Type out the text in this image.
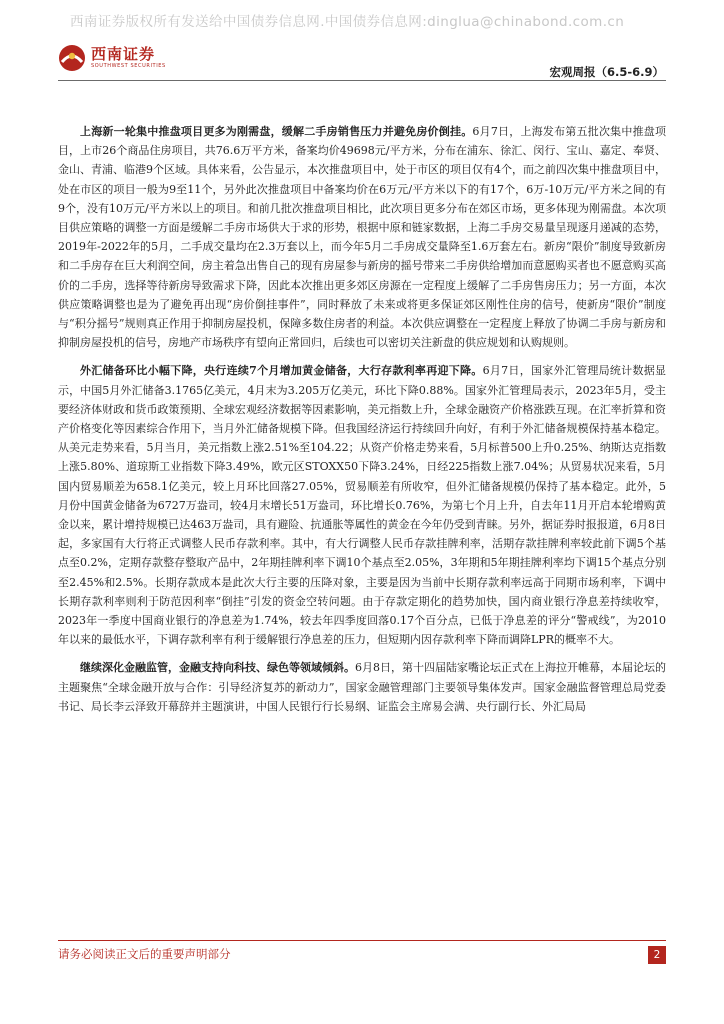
西南证券版权所有发送给中国债券信息网.中国债券信息网:dinglua@chinabond.com.cn
西南证券
SOUTHWEST SECURITIES	宏观周报（6.5-6.9）

上海新一轮集中推盘项目更多为刚需盘，缓解二手房销售压力并避免房价倒挂。6月7日，上海发布第五批次集中推盘项目，上市26个商品住房项目，共76.6万平方米，备案均价49698元/平方米，分布在浦东、徐汇、闵行、宝山、嘉定、奉贤、金山、青浦、临港9个区域。具体来看，公告显示，本次推盘项目中，处于市区的项目仅有4个，而之前四次集中推盘项目中，处在市区的项目一般为9至11个，另外此次推盘项目中备案均价在6万元/平方米以下的有17个，6万-10万元/平方米之间的有9个，没有10万元/平方米以上的项目。和前几批次推盘项目相比，此次项目更多分布在郊区市场，更多体现为刚需盘。本次项目供应策略的调整一方面是缓解二手房市场供大于求的形势，根据中原和链家数据，上海二手房交易量呈现逐月递减的态势，2019年-2022年的5月，二手成交量均在2.3万套以上，而今年5月二手房成交量降至1.6万套左右。新房“限价”制度导致新房和二手房存在巨大利润空间，房主着急出售自己的现有房屋参与新房的摇号带来二手房供给增加而意愿购买者也不愿意购买高价的二手房，选择等待新房导致需求下降，因此本次推出更多郊区房源在一定程度上缓解了二手房售房压力；另一方面，本次供应策略调整也是为了避免再出现“房价倒挂事件”，同时释放了未来或将更多保证郊区刚性住房的信号，使新房“限价”制度与“积分摇号”规则真正作用于抑制房屋投机，保障多数住房者的利益。本次供应调整在一定程度上释放了协调二手房与新房和抑制房屋投机的信号，房地产市场秩序有望向正常回归，后续也可以密切关注新盘的供应规划和认购规则。

外汇储备环比小幅下降，央行连续7个月增加黄金储备，大行存款利率再迎下降。6月7日，国家外汇管理局统计数据显示，中国5月外汇储备3.1765亿美元，4月末为3.205万亿美元，环比下降0.88%。国家外汇管理局表示，2023年5月，受主要经济体财政和货币政策预期、全球宏观经济数据等因素影响，美元指数上升，全球金融资产价格涨跌互现。在汇率折算和资产价格变化等因素综合作用下，当月外汇储备规模下降。但我国经济运行持续回升向好，有利于外汇储备规模保持基本稳定。从美元走势来看，5月当月，美元指数上涨2.51%至104.22；从资产价格走势来看，5月标普500上升0.25%、纳斯达克指数上涨5.80%、道琼斯工业指数下降3.49%，欧元区STOXX50下降3.24%，日经225指数上涨7.04%；从贸易状况来看，5月国内贸易顺差为658.1亿美元，较上月环比回落27.05%，贸易顺差有所收窄，但外汇储备规模仍保持了基本稳定。此外，5月份中国黄金储备为6727万盎司，较4月末增长51万盎司，环比增长0.76%，为第七个月上升，自去年11月开启本轮增购黄金以来，累计增持规模已达463万盎司，具有避险、抗通胀等属性的黄金在今年仍受到青睐。另外，据证券时报报道，6月8日起，多家国有大行将正式调整人民币存款利率。其中，有大行调整人民币存款挂牌利率，活期存款挂牌利率较此前下调5个基点至0.2%，定期存款整存整取产品中，2年期挂牌利率下调10个基点至2.05%，3年期和5年期挂牌利率均下调15个基点分别至2.45%和2.5%。长期存款成本是此次大行主要的压降对象，主要是因为当前中长期存款利率远高于同期市场利率，下调中长期存款利率则利于防范因利率“倒挂”引发的资金空转问题。由于存款定期化的趋势加快，国内商业银行净息差持续收窄，2023年一季度中国商业银行的净息差为1.74%，较去年四季度回落0.17个百分点，已低于净息差的评分“警戒线”，为2010年以来的最低水平，下调存款利率有利于缓解银行净息差的压力，但短期内因存款利率下降而调降LPR的概率不大。

继续深化金融监管，金融支持向科技、绿色等领域倾斜。6月8日，第十四届陆家嘴论坛正式在上海拉开帷幕，本届论坛的主题聚焦“全球金融开放与合作：引导经济复苏的新动力”，国家金融管理部门主要领导集体发声。国家金融监督管理总局党委书记、局长李云泽致开幕辞并主题演讲，中国人民银行行长易纲、证监会主席易会满、央行副行长、外汇局局

请务必阅读正文后的重要声明部分	2
